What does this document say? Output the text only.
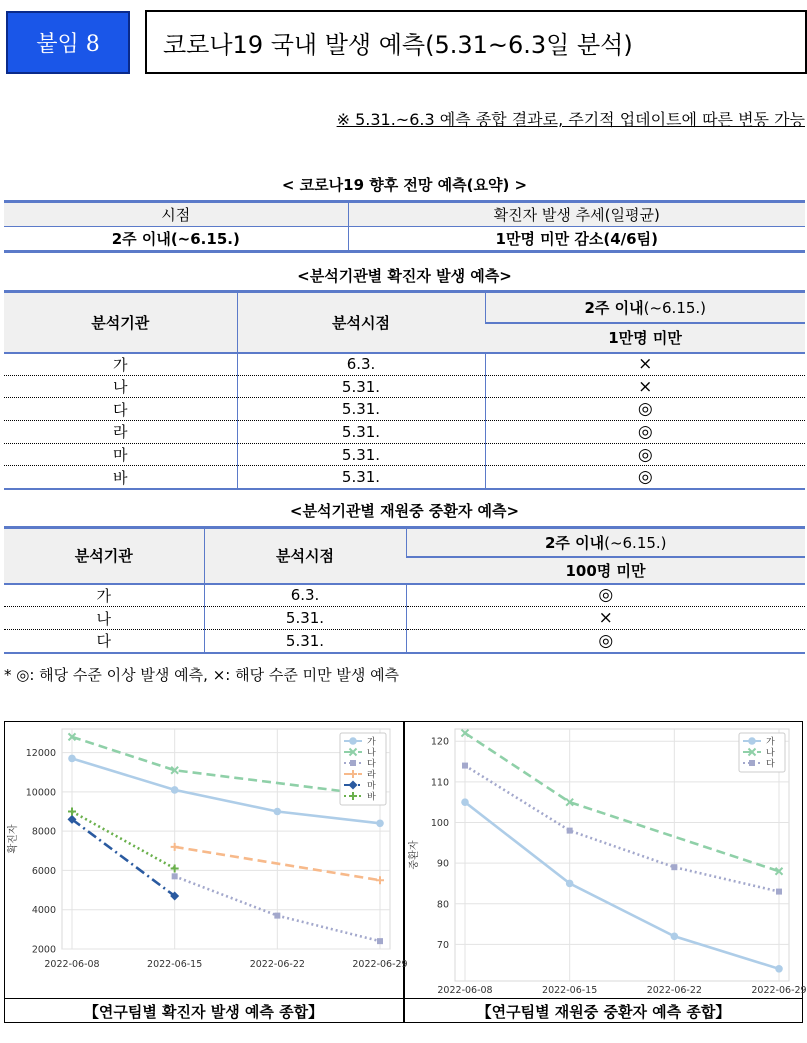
붙임 8	코로나19 국내 발생 예측(5.31~6.3일 분석)
※ 5.31.~6.3 예측 종합 결과로, 주기적 업데이트에 따른 변동 가능
< 코로나19 향후 전망 예측(요약) >
시점	확진자 발생 추세(일평균)
2주 이내(~6.15.)	1만명 미만 감소(4/6팀)
<분석기관별 확진자 발생 예측>
분석기관	분석시점	2주 이내(~6.15.)
		1만명 미만
가	6.3.	×
나	5.31.	×
다	5.31.	◎
라	5.31.	◎
마	5.31.	◎
바	5.31.	◎
<분석기관별 재원중 중환자 예측>
분석기관	분석시점	2주 이내(~6.15.)
		100명 미만
가	6.3.	◎
나	5.31.	×
다	5.31.	◎
* ◎: 해당 수준 이상 발생 예측, ×: 해당 수준 미만 발생 예측
2000
4000
6000
8000
10000
12000
2022-06-08	2022-06-15	2022-06-22	2022-06-29
확진자
가
나
다
라
마
바
70
80
90
100
110
120
2022-06-08	2022-06-15	2022-06-22	2022-06-29
중환자
가
나
다
【연구팀별 확진자 발생 예측 종합】	【연구팀별 재원중 중환자 예측 종합】
